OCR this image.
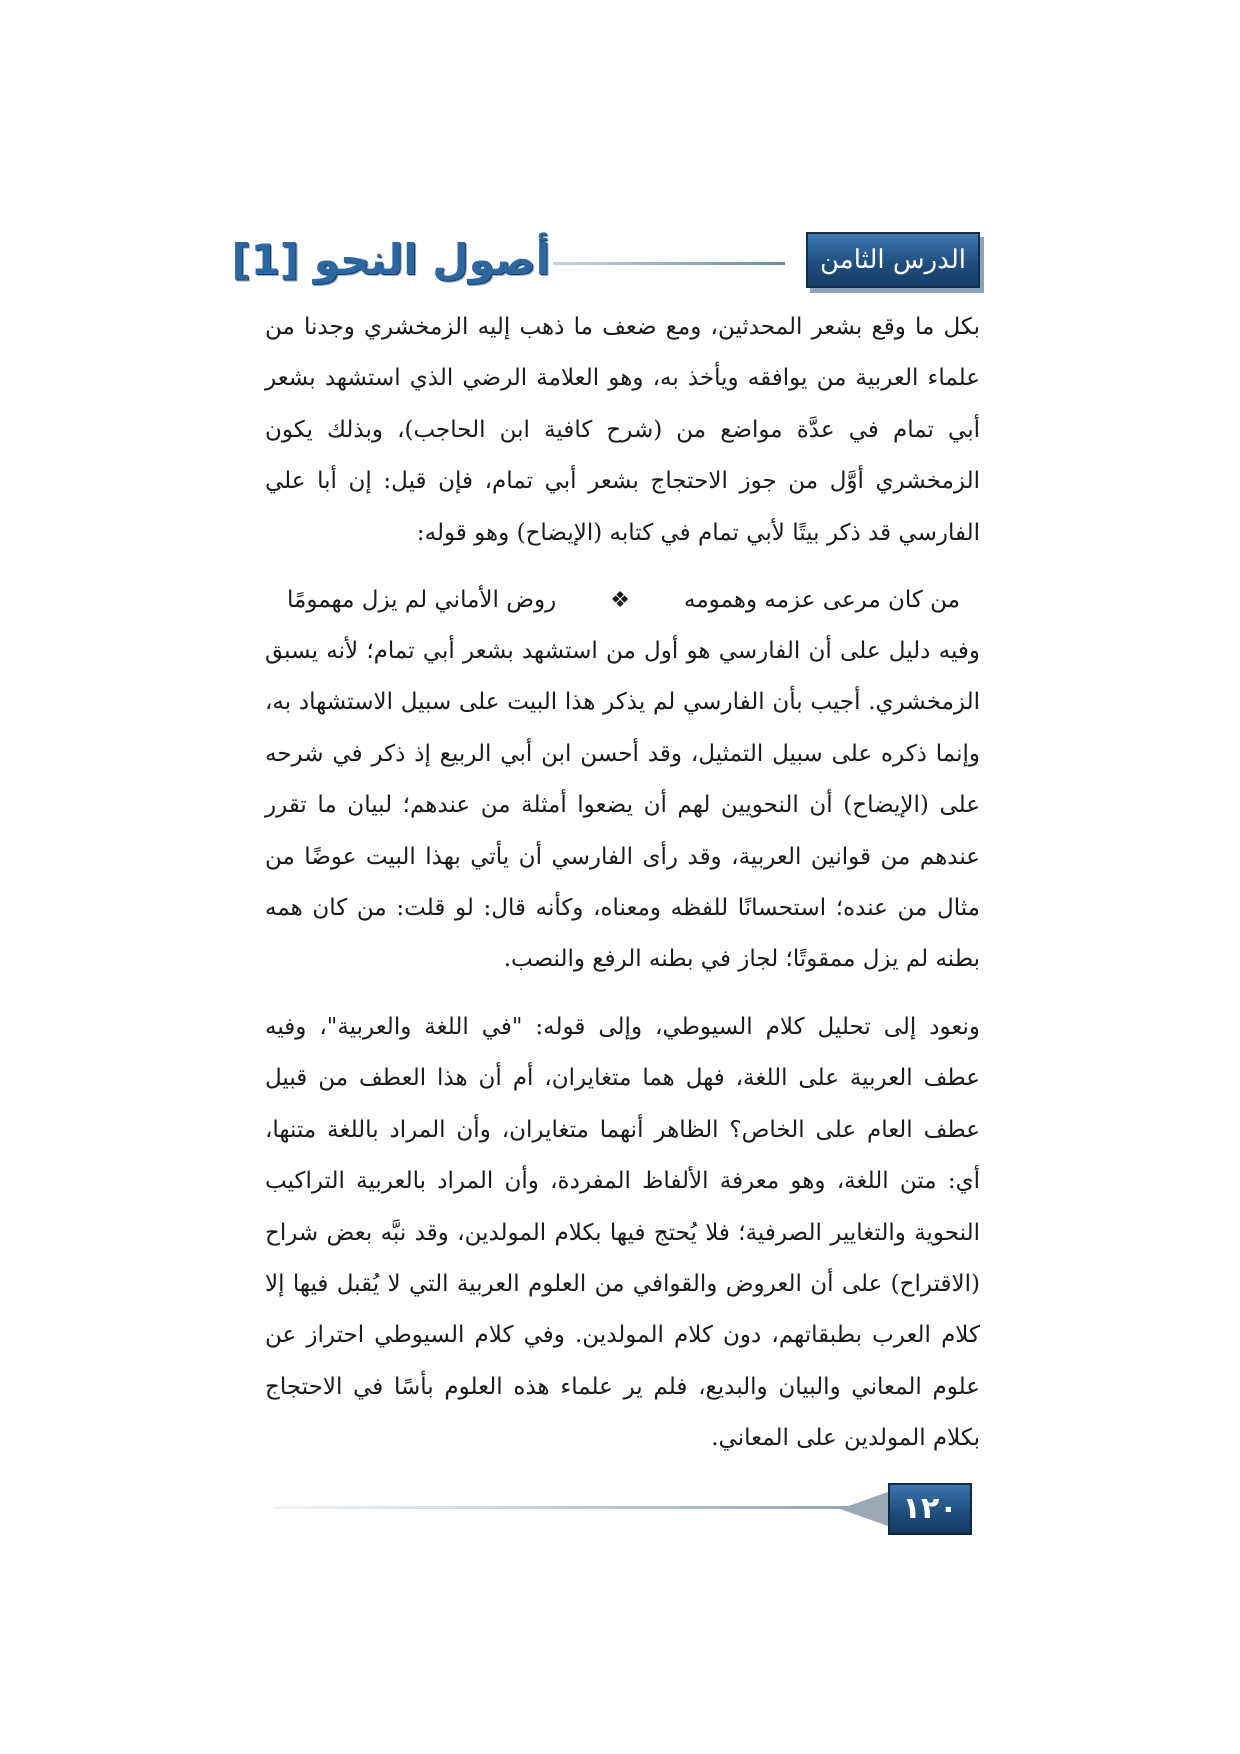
أصول النحو [1]	الدرس الثامن

بكل ما وقع بشعر المحدثين، ومع ضعف ما ذهب إليه الزمخشري وجدنا من علماء العربية من يوافقه ويأخذ به، وهو العلامة الرضي الذي استشهد بشعر أبي تمام في عدَّة مواضع من (شرح كافية ابن الحاجب)، وبذلك يكون الزمخشري أوَّل من جوز الاحتجاج بشعر أبي تمام، فإن قيل: إن أبا علي الفارسي قد ذكر بيتًا لأبي تمام في كتابه (الإيضاح) وهو قوله:

من كان مرعى عزمه وهمومه
❖
روض الأماني لم يزل مهمومًا

وفيه دليل على أن الفارسي هو أول من استشهد بشعر أبي تمام؛ لأنه يسبق الزمخشري. أجيب بأن الفارسي لم يذكر هذا البيت على سبيل الاستشهاد به، وإنما ذكره على سبيل التمثيل، وقد أحسن ابن أبي الربيع إذ ذكر في شرحه على (الإيضاح) أن النحويين لهم أن يضعوا أمثلة من عندهم؛ لبيان ما تقرر عندهم من قوانين العربية، وقد رأى الفارسي أن يأتي بهذا البيت عوضًا من مثال من عنده؛ استحسانًا للفظه ومعناه، وكأنه قال: لو قلت: من كان همه بطنه لم يزل ممقوتًا؛ لجاز في بطنه الرفع والنصب.

ونعود إلى تحليل كلام السيوطي، وإلى قوله: "في اللغة والعربية"، وفيه عطف العربية على اللغة، فهل هما متغايران، أم أن هذا العطف من قبيل عطف العام على الخاص؟ الظاهر أنهما متغايران، وأن المراد باللغة متنها، أي: متن اللغة، وهو معرفة الألفاظ المفردة، وأن المراد بالعربية التراكيب النحوية والتغايير الصرفية؛ فلا يُحتج فيها بكلام المولدين، وقد نبَّه بعض شراح (الاقتراح) على أن العروض والقوافي من العلوم العربية التي لا يُقبل فيها إلا كلام العرب بطبقاتهم، دون كلام المولدين. وفي كلام السيوطي احتراز عن علوم المعاني والبيان والبديع، فلم ير علماء هذه العلوم بأسًا في الاحتجاج بكلام المولدين على المعاني.

١٢٠
